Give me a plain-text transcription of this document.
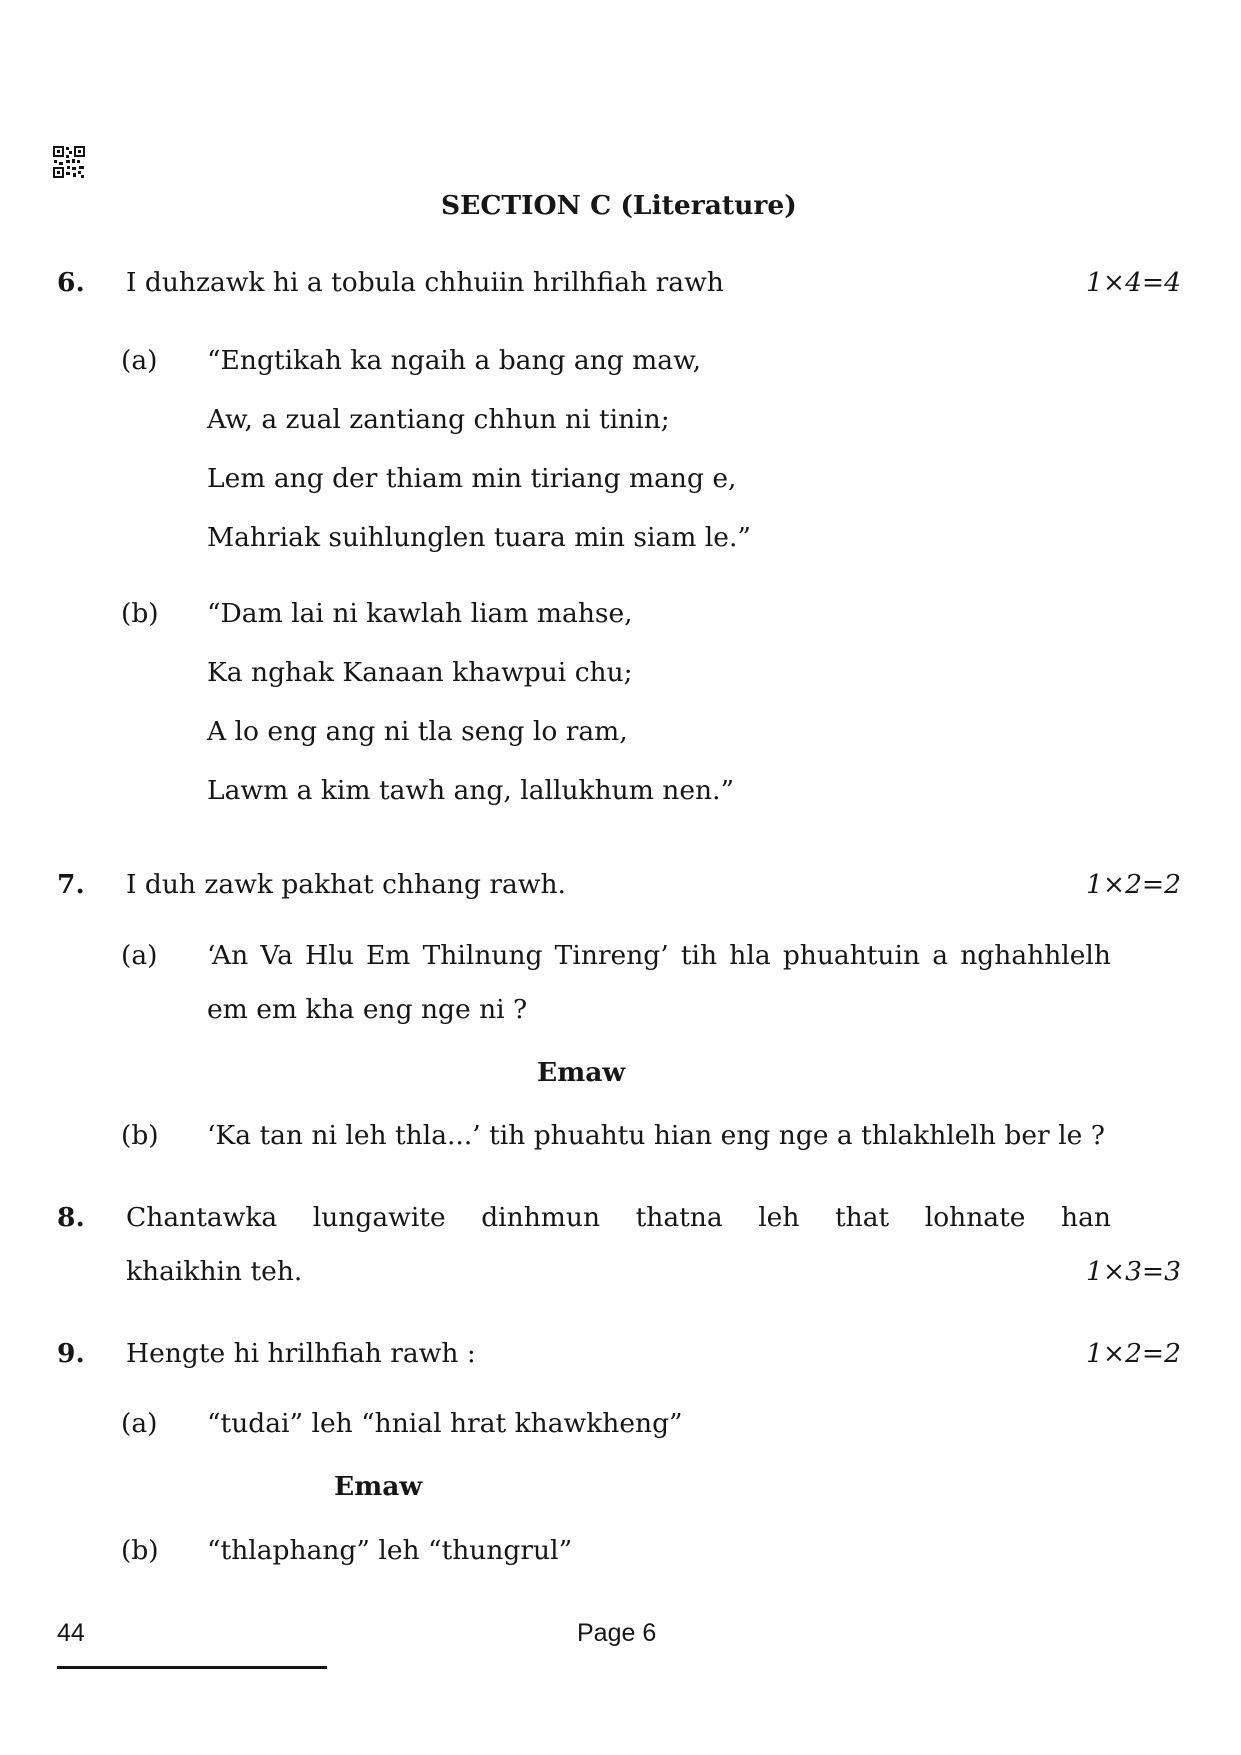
SECTION C (Literature)
6. I duhzawk hi a tobula chhuiin hrilhfiah rawh	1×4=4
(a) “Engtikah ka ngaih a bang ang maw,
Aw, a zual zantiang chhun ni tinin;
Lem ang der thiam min tiriang mang e,
Mahriak suihlunglen tuara min siam le.”
(b) “Dam lai ni kawlah liam mahse,
Ka nghak Kanaan khawpui chu;
A lo eng ang ni tla seng lo ram,
Lawm a kim tawh ang, lallukhum nen.”
7. I duh zawk pakhat chhang rawh.	1×2=2
(a) ‘An Va Hlu Em Thilnung Tinreng’ tih hla phuahtuin a nghahhlelh
em em kha eng nge ni ?
Emaw
(b) ‘Ka tan ni leh thla...’ tih phuahtu hian eng nge a thlakhlelh ber le ?
8. Chantawka lungawite dinhmun thatna leh that lohnate han
khaikhin teh.	1×3=3
9. Hengte hi hrilhfiah rawh :	1×2=2
(a) “tudai” leh “hnial hrat khawkheng”
Emaw
(b) “thlaphang” leh “thungrul”
44	Page 6
